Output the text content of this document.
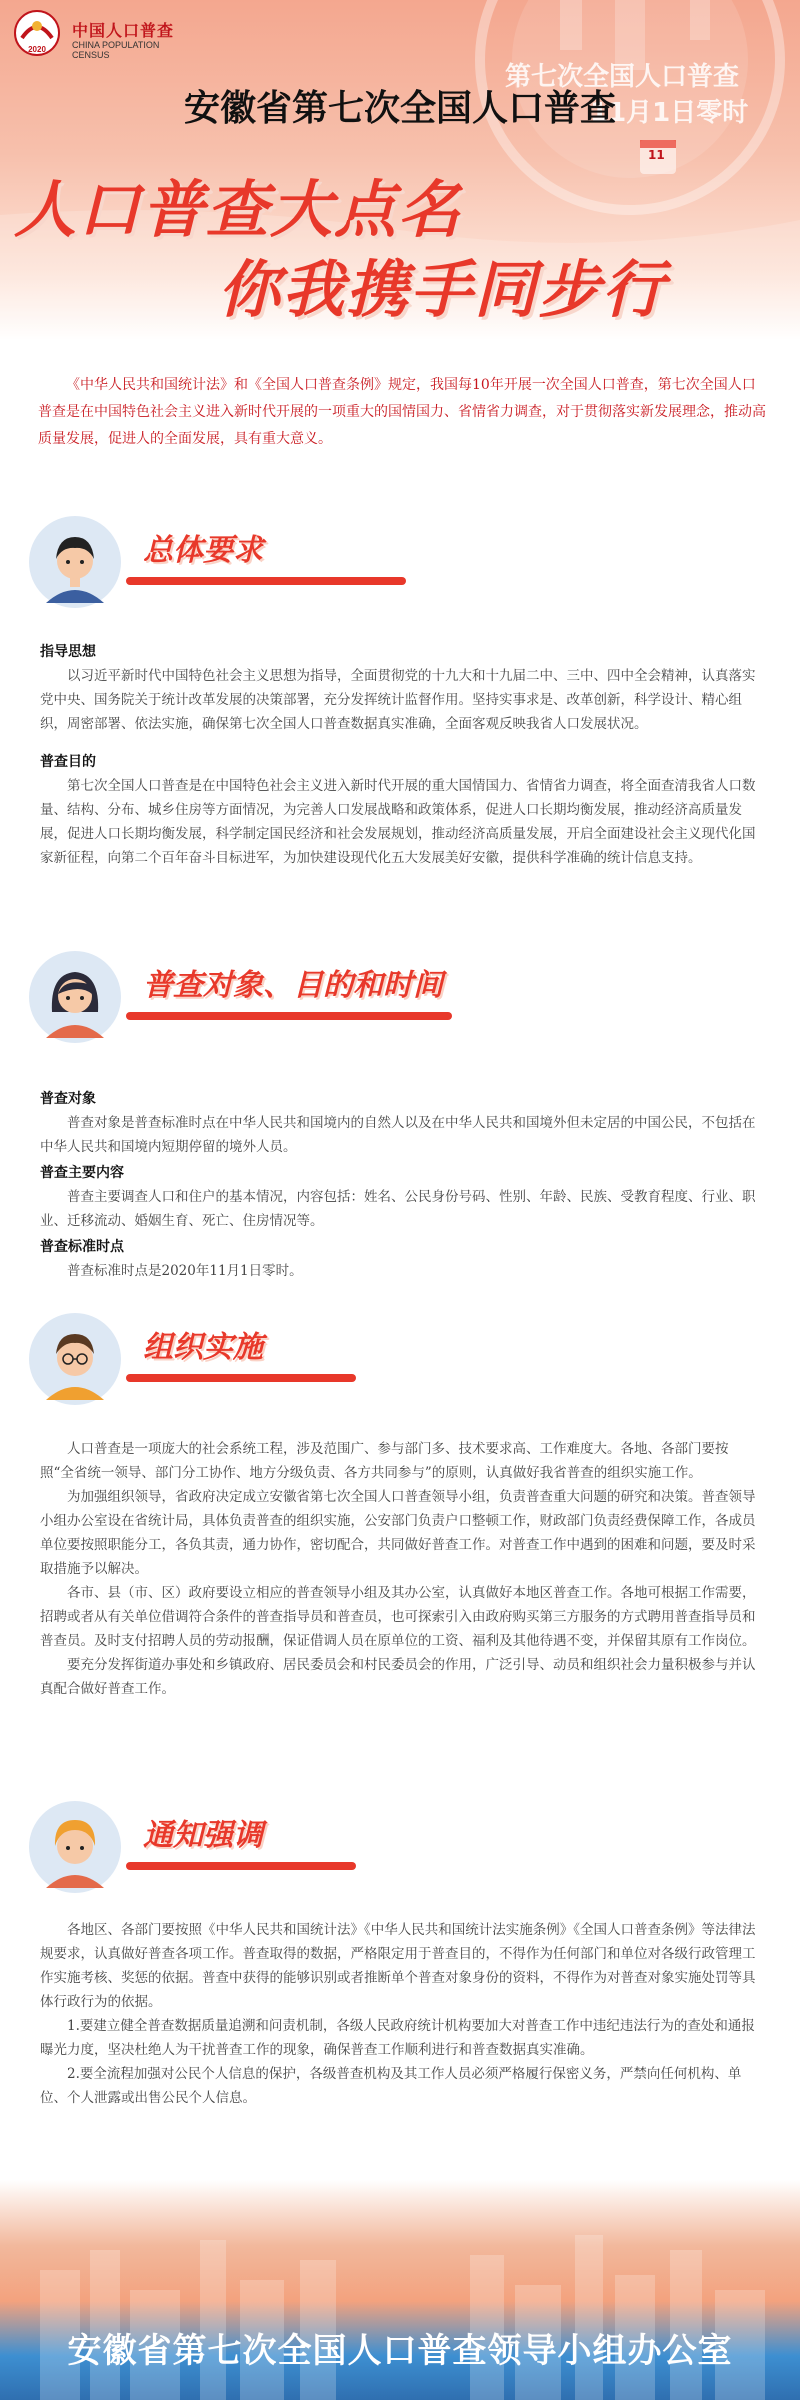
2020
中国人口普查
CHINA POPULATION CENSUS
第七次全国人口普查
11月1日零时
11
安徽省第七次全国人口普查
人口普查大点名
你我携手同步行

《中华人民共和国统计法》和《全国人口普查条例》规定，我国每10年开展一次全国人口普查，第七次全国人口普查是在中国特色社会主义进入新时代开展的一项重大的国情国力、省情省力调查，对于贯彻落实新发展理念，推动高质量发展，促进人的全面发展，具有重大意义。

总体要求
指导思想

以习近平新时代中国特色社会主义思想为指导，全面贯彻党的十九大和十九届二中、三中、四中全会精神，认真落实党中央、国务院关于统计改革发展的决策部署，充分发挥统计监督作用。坚持实事求是、改革创新，科学设计、精心组织，周密部署、依法实施，确保第七次全国人口普查数据真实准确，全面客观反映我省人口发展状况。

普查目的

第七次全国人口普查是在中国特色社会主义进入新时代开展的重大国情国力、省情省力调查，将全面查清我省人口数量、结构、分布、城乡住房等方面情况，为完善人口发展战略和政策体系，促进人口长期均衡发展，推动经济高质量发展，促进人口长期均衡发展，科学制定国民经济和社会发展规划，推动经济高质量发展，开启全面建设社会主义现代化国家新征程，向第二个百年奋斗目标进军，为加快建设现代化五大发展美好安徽，提供科学准确的统计信息支持。

普查对象、目的和时间
普查对象

普查对象是普查标准时点在中华人民共和国境内的自然人以及在中华人民共和国境外但未定居的中国公民，不包括在中华人民共和国境内短期停留的境外人员。

普查主要内容

普查主要调查人口和住户的基本情况，内容包括：姓名、公民身份号码、性别、年龄、民族、受教育程度、行业、职业、迁移流动、婚姻生育、死亡、住房情况等。

普查标准时点

普查标准时点是2020年11月1日零时。

组织实施

人口普查是一项庞大的社会系统工程，涉及范围广、参与部门多、技术要求高、工作难度大。各地、各部门要按照“全省统一领导、部门分工协作、地方分级负责、各方共同参与”的原则，认真做好我省普查的组织实施工作。

为加强组织领导，省政府决定成立安徽省第七次全国人口普查领导小组，负责普查重大问题的研究和决策。普查领导小组办公室设在省统计局，具体负责普查的组织实施，公安部门负责户口整顿工作，财政部门负责经费保障工作，各成员单位要按照职能分工，各负其责，通力协作，密切配合，共同做好普查工作。对普查工作中遇到的困难和问题，要及时采取措施予以解决。

各市、县（市、区）政府要设立相应的普查领导小组及其办公室，认真做好本地区普查工作。各地可根据工作需要，招聘或者从有关单位借调符合条件的普查指导员和普查员，也可探索引入由政府购买第三方服务的方式聘用普查指导员和普查员。及时支付招聘人员的劳动报酬，保证借调人员在原单位的工资、福利及其他待遇不变，并保留其原有工作岗位。

要充分发挥街道办事处和乡镇政府、居民委员会和村民委员会的作用，广泛引导、动员和组织社会力量积极参与并认真配合做好普查工作。

通知强调

各地区、各部门要按照《中华人民共和国统计法》《中华人民共和国统计法实施条例》《全国人口普查条例》等法律法规要求，认真做好普查各项工作。普查取得的数据，严格限定用于普查目的，不得作为任何部门和单位对各级行政管理工作实施考核、奖惩的依据。普查中获得的能够识别或者推断单个普查对象身份的资料，不得作为对普查对象实施处罚等具体行政行为的依据。

1.要建立健全普查数据质量追溯和问责机制，各级人民政府统计机构要加大对普查工作中违纪违法行为的查处和通报曝光力度，坚决杜绝人为干扰普查工作的现象，确保普查工作顺利进行和普查数据真实准确。

2.要全流程加强对公民个人信息的保护，各级普查机构及其工作人员必须严格履行保密义务，严禁向任何机构、单位、个人泄露或出售公民个人信息。

安徽省第七次全国人口普查领导小组办公室
